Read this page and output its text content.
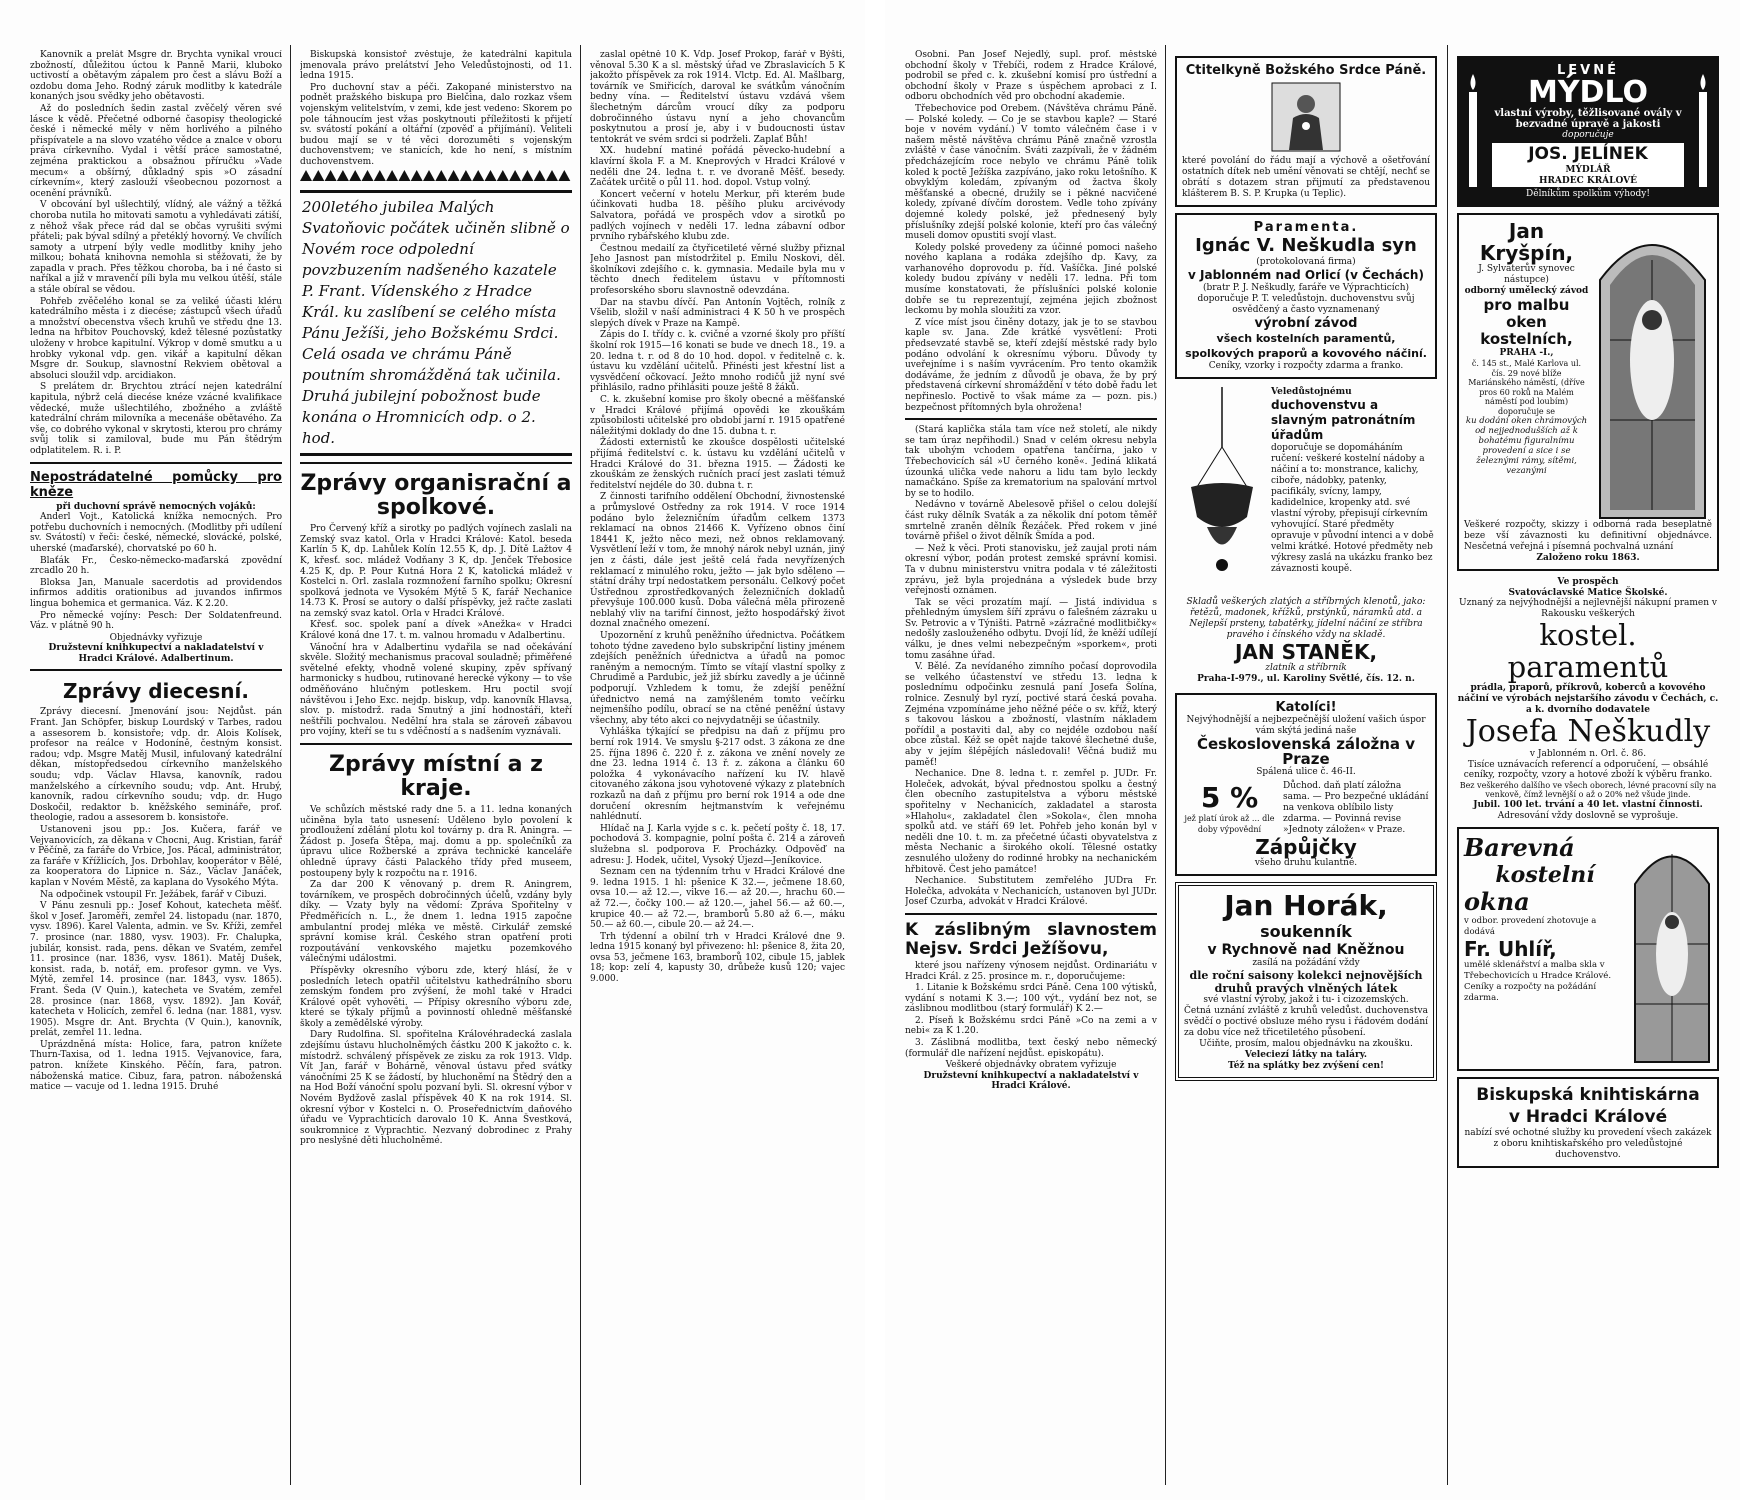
Kanovník a prelát Msgre dr. Brychta vynikal vroucí zbožností, důležitou úctou k Panně Marii, kluboko uctivostí a obětavým zápalem pro čest a slávu Boží a ozdobu doma Jeho. Rodný záruk modlitby k katedrále konaných jsou svědky jeho obětavosti.

Až do posledních šedin zastal zvěčelý věren své lásce k vědě. Přečetné odborné časopisy theologické české i německé měly v něm horlivého a pilného přispívatele a na slovo vzatého vědce a znalce v oboru práva církevního. Vydal i větší práce samostatné, zejména praktickou a obsažnou příručku »Vade mecum« a obšírný, důkladný spis »O zásadní církevním«, který zaslouží všeobecnou pozornost a ocenění právníků.

V obcování byl ušlechtilý, vlídný, ale vážný a těžká choroba nutila ho mitovati samotu a vyhledávati zátiší, z něhož však přece rád dal se občas vyrušiti svými přáteli; pak býval sdílný a přetéklý hovorný. Ve chvílích samoty a utrpení býly vedle modlitby knihy jeho milkou; bohatá knihovna nemohla si stěžovati, že by zapadla v prach. Přes těžkou choroba, ba i né často si naříkal a již v mravenčí píli byla mu velkou útěší, stále a stále obíral se vědou.

Pohřeb zvěčelého konal se za veliké účasti kléru katedrálního města i z diecése; zástupců všech úřadů a množství obecenstva všech kruhů ve středu dne 13. ledna na hřbitov Pouchovský, kdež tělesné pozůstatky uloženy v hrobce kapitulní. Výkrop v domě smutku a u hrobky vykonal vdp. gen. vikář a kapitulní děkan Msgre dr. Soukup, slavnostní Rekviem obětoval a absoluci sloužil vdp. arcidiakon.

S prelátem dr. Brychtou ztrácí nejen katedrální kapitula, nýbrž celá diecése knéze vzácné kvalifikace vědecké, muže ušlechtilého, zbožného a zvláště katedrální chrám milovníka a mecenáše obětavého. Za vše, co dobrého vykonal v skrytosti, kterou pro chrámy svůj tolik si zamiloval, bude mu Pán štědrým odplatitelem. R. i. P.

Nepostrádatelné pomůcky pro kněze
při duchovní správě nemocných vojáků:

Anderl Vojt., Katolická knížka nemocných. Pro potřebu duchovních i nemocných. (Modlitby při udílení sv. Svátostí) v řeči: české, německé, slovácké, polské, uherské (maďarské), chorvatské po 60 h.

Blaťák Fr., Česko-německo-maďarská zpovědní zrcadlo 20 h.

Bloksa Jan, Manuale sacerdotis ad providendos infirmos additis orationibus ad juvandos infirmos lingua bohemica et germanica. Váz. K 2.20.

Pro německé vojíny: Pesch: Der Soldatenfreund. Váz. v plátně 90 h.

Objednávky vyřizuje
Družstevní knihkupectví a nakladatelství v Hradci Králové. Adalbertinum.
Zprávy diecesní.

Zprávy diecesní. Jmenování jsou: Nejdůst. pán Frant. Jan Schöpfer, biskup Lourdský v Tarbes, radou a assesorem b. konsistoře; vdp. dr. Alois Kolísek, profesor na reálce v Hodoníně, čestným konsist. radou; vdp. Msgre Matěj Musil, infulovaný katedrální děkan, místopředsedou církevního manželského soudu; vdp. Václav Hlavsa, kanovník, radou manželského a církevního soudu; vdp. Ant. Hrubý, kanovník, radou církevního soudu; vdp. dr. Hugo Doskočil, redaktor b. kněžského semináře, prof. theologie, radou a assesorem b. konsistoře.

Ustanoveni jsou pp.: Jos. Kučera, farář ve Vejvanovicích, za děkana v Chocni, Aug. Kristian, farář v Pěčíně, za faráře do Vrbice, Jos. Pácal, administrátor, za faráře v Křížlicích, Jos. Drbohlav, kooperátor v Bělé, za kooperatora do Lipnice n. Sáz., Václav Janáček, kaplan v Novém Městě, za kaplana do Vysokého Mýta.

Na odpočinek vstoupil Fr. Ježábek, farář v Cibuzi.

V Pánu zesnuli pp.: Josef Kohout, katecheta měšť. škol v Josef. Jaroměři, zemřel 24. listopadu (nar. 1870, vysv. 1896). Karel Valenta, admin. ve Sv. Kříži, zemřel 7. prosince (nar. 1880, vysv. 1903). Fr. Chalupka, jubilár, konsist. rada, pens. děkan ve Svatém, zemřel 11. prosince (nar. 1836, vysv. 1861). Matěj Dušek, konsist. rada, b. notář, em. profesor gymn. ve Vys. Mýtě, zemřel 14. prosince (nar. 1843, vysv. 1865). Frant. Šeda (V Quin.), katecheta ve Svatém, zemřel 28. prosince (nar. 1868, vysv. 1892). Jan Kovář, katecheta v Holicích, zemřel 6. ledna (nar. 1881, vysv. 1905). Msgre dr. Ant. Brychta (V Quin.), kanovník, prelát, zemřel 11. ledna.

Uprázdněná místa: Holice, fara, patron knížete Thurn-Taxisa, od 1. ledna 1915. Vejvanovice, fara, patron. knížete Kinského. Pěčín, fara, patron. náboženská matice. Cibuz, fara, patron. náboženská matice — vacuje od 1. ledna 1915. Druhé

Biskupská konsistoř zvěstuje, že katedrální kapitula jmenovala právo prelátství Jeho Veledůstojnosti, od 11. ledna 1915.

Pro duchovní stav a péči. Zakopané ministerstvo na podnět pražského biskupa pro Bielčina, dalo rozkaz všem vojenským velitelstvím, v zemi, kde jest vedeno: Skorem po pole táhnoucím jest vžas poskytnouti příležitosti k přijetí sv. svátostí pokání a oltářní (zpověď a přijímání). Veliteli budou mají se v té věci dorozuměti s vojenským duchovenstvem; ve stanicích, kde ho není, s místním duchovenstvem.

200letého jubilea Malých Svatoňovic počátek učiněn slibně o Novém roce odpolední povzbuzením nadšeného kazatele P. Frant. Vídenského z Hradce Král. ku zaslíbení se celého místa Pánu Ježíši, jeho Božskému Srdci. Celá osada ve chrámu Páně poutním shromážděná tak učinila. Druhá jubilejní pobožnost bude konána o Hromnicích odp. o 2. hod.
Zprávy organisrační a spolkové.

Pro Červený kříž a sirotky po padlých vojínech zaslali na Zemský svaz katol. Orla v Hradci Králové: Katol. beseda Karlín 5 K, dp. Lahůlek Kolín 12.55 K, dp. J. Dítě Lažtov 4 K, křesť. soc. mládež Vodňany 3 K, dp. Jenček Třebosice 4.25 K, dp. P. Pour Kutná Hora 2 K, katolická mládež v Kostelci n. Orl. zaslala rozmnožení farního spolku; Okresní spolková jednota ve Vysokém Mýtě 5 K, farář Nechanice 14.73 K. Prosí se autory o další příspěvky, jež račte zaslati na zemský svaz katol. Orla v Hradci Králové.

Křesť. soc. spolek paní a dívek »Anežka« v Hradci Králové koná dne 17. t. m. valnou hromadu v Adalbertinu.

Vánoční hra v Adalbertinu vydařila se nad očekávání skvěle. Složitý mechanismus pracoval souladně; přiměřené světelné efekty, vhodně volené skupiny, zpěv spřívaný harmonicky s hudbou, rutinované herecké výkony — to vše odměňováno hlučným potleskem. Hru poctil svojí návštěvou i Jeho Exc. nejdp. biskup, vdp. kanovník Hlavsa, slov. p. místodrž. rada Smutný a jiní hodnostáři, kteří neštřili pochvalou. Nedělní hra stala se zároveň zábavou pro vojíny, kteří se tu s vděčností a s nadšením vyznávali.

Zprávy místní a z kraje.

Ve schůzích městské rady dne 5. a 11. ledna konaných učiněna byla tato usnesení: Uděleno bylo povolení k prodloužení zdělání plotu kol továrny p. dra R. Aningra. — Žádost p. Josefa Štěpa, maj. domu a pp. společníků za úpravu ulice Rožberské a zpráva technické kanceláře ohledně úpravy části Palackého třídy před museem, postoupeny byly k rozpočtu na r. 1916.

Za dar 200 K věnovaný p. drem R. Aningrem, továrníkem, ve prospěch dobročinných účelů, vzdány byly díky. — Vzaty byly na vědomí: Zpráva Spořitelny v Předměřicích n. L., že dnem 1. ledna 1915 započne ambulantní prodej mléka ve městě. Cirkulář zemské správní komise král. Českého stran opatření proti rozpoutávání venkovského majetku pozemkového válečnými událostmi.

Příspěvky okresního výboru zde, který hlásí, že v posledních letech opatřil učitelstvu kathedrálního sboru zemským fondem pro zvýšení, že mohl také v Hradci Králové opět vyhověti. — Přípisy okresního výboru zde, které se týkaly příjmů a povinností ohledně měšťanské školy a zemědělské výroby.

Dary Rudolfina. Sl. spořitelna Královéhradecká zaslala zdejšímu ústavu hlucholněmých částku 200 K jakožto c. k. místodrž. schválený příspěvek ze zisku za rok 1913. Vldp. Vít Jan, farář v Bohárně, věnoval ústavu před svátky vánočními 25 K se žádostí, by hluchoněmí na Štědrý den a na Hod Boží vánoční spolu pozvaní byli. Sl. okresní výbor v Novém Bydžově zaslal příspěvek 40 K na rok 1914. Sl. okresní výbor v Kostelci n. O. Proseřednictvím daňového úřadu ve Vyprachticích darovalo 10 K. Anna Švestková, soukromnice z Vyprachtic. Nezvaný dobrodinec z Prahy pro neslyšné děti hlucholněmé.

zaslal opětně 10 K. Vdp. Josef Prokop, farář v Býšti, věnoval 5.30 K a sl. městský úřad ve Zbraslavicích 5 K jakožto příspěvek za rok 1914. Vlctp. Ed. Al. Mašlbarg, továrník ve Smiřicích, daroval ke svátkům vánočním bedny vína. — Ředitelství ústavu vzdává všem šlechetným dárcům vroucí díky za podporu dobročinného ústavu nyní a jeho chovancům poskytnutou a prosí je, aby i v budoucnosti ústav tentokrát ve svém srdci si podrželi. Zaplať Bůh!

XX. hudební matiné pořádá pěvecko-hudební a klavírní škola F. a M. Kneprových v Hradci Králové v neděli dne 24. ledna t. r. ve dvoraně Měšť. besedy. Začátek určitě o půl 11. hod. dopol. Vstup volný.

Koncert večerní v hotelu Merkur, při kterém bude účinkovati hudba 18. pěšího pluku arcivévody Salvatora, pořádá ve prospěch vdov a sirotků po padlých vojínech v neděli 17. ledna zábavní odbor prvního rybářského klubu zde.

Čestnou medailí za čtyřicetileté věrné služby přiznal Jeho Jasnost pan místodržitel p. Emilu Noskovi, děl. školníkovi zdejšího c. k. gymnasia. Medaile byla mu v těchto dnech ředitelem ústavu v přítomnosti profesorského sboru slavnostně odevzdána.

Dar na stavbu dívčí. Pan Antonín Vojtěch, rolník z Všelib, složil v naší administraci 4 K 50 h ve prospěch slepých dívek v Praze na Kampě.

Zápis do I. třídy c. k. cvičné a vzorné školy pro příští školní rok 1915—16 konati se bude ve dnech 18., 19. a 20. ledna t. r. od 8 do 10 hod. dopol. v ředitelně c. k. ústavu ku vzdělání učitelů. Přinésti jest křestní list a vysvědčení očkovací. Ježto mnoho rodičů již nyní své přihlásilo, radno přihlásiti pouze ještě 8 žáků.

C. k. zkušební komise pro školy obecné a měšťanské v Hradci Králové přijímá opovědi ke zkouškám způsobilosti učitelské pro období jarní r. 1915 opatřené náležitými doklady do dne 15. dubna t. r.

Žádosti externistů ke zkoušce dospělosti učitelské přijímá ředitelství c. k. ústavu ku vzdělání učitelů v Hradci Králové do 31. března 1915. — Žádosti ke zkouškám ze ženských ručních prací jest zaslati témuž ředitelství nejdéle do 30. dubna t. r.

Z činnosti tarifního oddělení Obchodní, živnostenské a průmyslové Ostředny za rok 1914. V roce 1914 podáno bylo železničním úřadům celkem 1373 reklamací na obnos 21466 K. Vyřízeno obnos činí 18441 K, ježto něco mezi, než obnos reklamovaný. Vysvětlení leží v tom, že mnohý nárok nebyl uznán, jiný jen z části, dále jest ještě celá řada nevyřízených reklamací z minulého roku, ježto — jak bylo sděleno — státní dráhy trpí nedostatkem personálu. Celkový počet Ústřednou zprostředkovaných železničních dokladů převyšuje 100.000 kusů. Doba válečná měla přirozeně neblahý vliv na tarifní činnost, ježto hospodářský život doznal značného omezení.

Upozornění z kruhů peněžního úřednictva. Počátkem tohoto týdne zavedeno bylo subskripční listiny jménem zdejších peněžních úřednictva a úřadů na pomoc raněným a nemocným. Tímto se vítají vlastní spolky z Chrudimě a Pardubic, jež již sbírku zavedly a je účinně podporují. Vzhledem k tomu, že zdejší peněžní úřednictvo nemá na zamýšleném tomto večírku nejmenšího podílu, obrací se na ctěné peněžní ústavy všechny, aby této akci co nejvydatněji se účastnily.

Vyhláška týkající se předpisu na daň z příjmu pro berní rok 1914. Ve smyslu §-217 odst. 3 zákona ze dne 25. října 1896 č. 220 ř. z. zákona ve znění novely ze dne 23. ledna 1914 č. 13 ř. z. zákona a článku 60 položka 4 vykonávacího nařízení ku IV. hlavě citovaného zákona jsou vyhotovené výkazy z platebních rozkazů na daň z příjmu pro berní rok 1914 a ode dne doručení okresním hejtmanstvím k veřejnému nahlédnutí.

Hlídač na J. Karla vyjde s c. k. pečetí pošty č. 18, 17. pochodová 3. kompagnie, polní pošta č. 214 a zároveň služebna sl. podporova F. Procházky. Odpověď na adresu: J. Hodek, učitel, Vysoký Újezd—Jeníkovice.

Seznam cen na týdenním trhu v Hradci Králové dne 9. ledna 1915. 1 hl: pšenice K 32.—, ječmene 18.60, ovsa 10.— až 12.—, vikve 16.— až 20.—, hrachu 60.— až 72.—, čočky 100.— až 120.—, jahel 56.— až 60.—, krupice 40.— až 72.—, bramborů 5.80 až 6.—, máku 50.— až 60.—, cibule 20.— až 24.—.

Trh týdenní a obilní trh v Hradci Králové dne 9. ledna 1915 konaný byl přivezeno: hl: pšenice 8, žita 20, ovsa 53, ječmene 163, bramborů 102, cibule 15, jablek 18; kop: zelí 4, kapusty 30, drůbeže kusů 120; vajec 9.000.

Osobní. Pan Josef Nejedlý, supl. prof. městské obchodní školy v Třebíči, rodem z Hradce Králové, podrobil se před c. k. zkušební komisí pro ústřední a obchodní školy v Praze s úspěchem aprobaci z I. odboru obchodních věd pro obchodní akademie.

Třebechovice pod Orebem. (Návštěva chrámu Páně. — Polské koledy. — Co je se stavbou kaple? — Staré boje v novém vydání.) V tomto válečném čase i v našem městě návštěva chrámu Páně značně vzrostla zvláště v čase vánočním. Sváti zazpívali, že v žádném předcházejícím roce nebylo ve chrámu Páně tolik koled k poctě Ježíška zazpíváno, jako roku letošního. K obvyklým koledám, zpívaným od žactva školy měšťanské a obecné, družily se i pěkné nacvičené koledy, zpívané dívčím dorostem. Vedle toho zpívány dojemné koledy polské, jež přednesený byly příslušníky zdejší polské kolonie, kteří pro čas válečný museli domov opustiti svojí vlast.

Koledy polské provedeny za účinné pomoci našeho nového kaplana a rodáka zdejšího dp. Kavy, za varhanového doprovodu p. říd. Vašíčka. Jiné polské koledy budou zpívány v neděli 17. ledna. Při tom musíme konstatovati, že příslušníci polské kolonie dobře se tu reprezentují, zejména jejich zbožnost leckomu by mohla sloužiti za vzor.

Z více míst jsou činěny dotazy, jak je to se stavbou kaple sv. Jana. Zde krátké vysvětlení: Proti předsevzaté stavbě se, kteří zdejší městské rady bylo podáno odvolání k okresnímu výboru. Důvody ty uveřejníme i s naším vyvrácením. Pro tento okamžik dodáváme, že jedním z důvodů je obava, že by prý představená církevní shromáždění v této době řadu let nepřineslo. Poctivě to však máme za — pozn. pis.) bezpečnost přítomných byla ohrožena!

(Stará kaplička stála tam více než století, ale nikdy se tam úraz nepřihodil.) Snad v celém okresu nebyla tak ubohým vchodem opatřena tančírna, jako v Třebechovicích sál »U černého koně«. Jediná klikatá úzounká ulička vede nahoru a lidu tam bylo leckdy namačkáno. Spíše za krematorium na spalování mrtvol by se to hodilo.

Nedávno v továrně Abelesově přišel o celou dolejší část ruky dělník Svaták a za několik dní potom těměř smrtelně zraněn dělník Řezáček. Před rokem v jiné továrně přišel o život dělník Šmída a pod.

— Než k věci. Proti stanovisku, jež zaujal proti nám okresní výbor, podán protest zemské správní komisi. Ta v dubnu ministerstvu vnitra podala v té záležitosti zprávu, jež byla projednána a výsledek bude brzy veřejnosti oznámen.

Tak se věci prozatím mají. — Jistá individua s přehledným úmyslem šíří zprávu o falešném zázraku u Sv. Petrovic a v Týništi. Patrně »zázračné modlitbičky« nedošly zaslouženého odbytu. Dvojí líd, že kněží udílejí válku, je dnes velmi nebezpečným »sporkem«, proti tomu zasáhne úřad.

V. Bělé. Za nevídaného zimního počasí doprovodila se velkého účastenství ve středu 13. ledna k poslednímu odpočinku zesnulá paní Josefa Šolína, rolnice. Zesnulý byl ryzí, poctivé stará česká povaha. Zejména vzpomínáme jeho něžné péče o sv. kříž, který s takovou láskou a zbožností, vlastním nákladem pořídil a postaviti dal, aby co nejdéle ozdobou naší obce zůstal. Kéž se opět najde takové šlechetné duše, aby v jejím šlépějích následovali! Věčná budiž mu paměť!

Nechanice. Dne 8. ledna t. r. zemřel p. JUDr. Fr. Holeček, advokát, býval přednostou spolku a čestný člen obecního zastupitelstva a výboru městské spořitelny v Nechanicích, zakladatel a starosta »Hlaholu«, zakladatel člen »Sokola«, člen mnoha spolků atd. ve stáří 69 let. Pohřeb jeho konán byl v neděli dne 10. t. m. za přečetné účasti obyvatelstva z města Nechanic a širokého okolí. Tělesné ostatky zesnulého uloženy do rodinné hrobky na nechanickém hřbitově. Čest jeho památce!

Nechanice. Substitutem zemřelého JUDra Fr. Holečka, advokáta v Nechanicích, ustanoven byl JUDr. Josef Czurba, advokát v Hradci Králové.

K záslibným slavnostem Nejsv. Srdci Ježíšovu,

které jsou nařízeny výnosem nejdůst. Ordinariátu v Hradci Král. z 25. prosince m. r., doporučujeme:

1. Litanie k Božskému srdci Páně. Cena 100 výtisků, vydání s notami K 3.—; 100 výt., vydání bez not, se záslibnou modlitbou (starý formulář) K 2.—

2. Píseň k Božskému srdci Páně »Co na zemi a v nebi« za K 1.20.

3. Záslibná modlitba, text český nebo německý (formulář dle nařízení nejdůst. episkopátu).

Veškeré objednávky obratem vyřizuje
Družstevní knihkupectví a nakladatelství v Hradci Králové.
Ctitelkyně Božského Srdce Páně.
které povolání do řádu mají a výchově a ošetřování ostatních dítek neb umění věnovati se chtějí, nechť se obrátí s dotazem stran přijmutí za představenou klášterem B. S. P. Krupka (u Teplic).
Paramenta.
Ignác V. Neškudla syn
(protokolovaná firma)
v Jablonném nad Orlicí (v Čechách)
(bratr P. J. Neškudly, faráře ve Výprachticích) doporučuje P. T. veledůstojn. duchovenstvu svůj osvědčený a často vyznamenaný
výrobní závod
všech kostelních paramentů, spolkových praporů a kovového náčiní.
Ceníky, vzorky i rozpočty zdarma a franko.
Veledůstojnému
duchovenstvu a slavným patronátním úřadům
doporučuje se dopomáháním ručení: veškeré kostelní nádoby a náčiní a to: monstrance, kalichy, ciboře, nádobky, patenky, pacifikály, svícny, lampy, kadidelnice, kropenky atd. své vlastní výroby, přepisují církevním vyhovující. Staré předměty opravuje v původní intenci a v době velmi krátké. Hotové předměty neb výkresy zaslá na ukázku franko bez závaznosti koupě.
Skladů veškerých zlatých a stříbrných klenotů, jako: řetězů, madonek, křížků, prstýnků, náramků atd. a Nejlepší prsteny, tabatěrky, jídelní náčiní ze stříbra pravého i čínského vždy na skladě.
JAN STANĚK,
zlatník a stříbrník
Praha-I-979., ul. Karoliny Světlé, čís. 12. n.
Katolíci!
Nejvýhodnější a nejbezpečnější uložení vašich úspor vám skýtá jediná naše
Československá záložna v Praze
Spálená ulice č. 46-II.
5 %
jež platí úrok až ... dle doby výpovědní
Důchod. daň platí záložna sama. — Pro bezpečné ukládání na venkova oblíbilo listy zdarma. — Povinná revise »Jednoty záložen« v Praze.
Zápůjčky
všeho druhu kulantně.
Jan Horák,
soukenník
v Rychnově nad Kněžnou
zasílá na požádání vždy
dle roční saisony kolekci nejnovějších druhů pravých vlněných látek
své vlastní výroby, jakož i tu- i cizozemských.
Četná uznání zvláště z kruhů veledůst. duchovenstva svědčí o poctivé obsluze mého rysu i řádovém dodání za dobu více než třicetiletého působení.
Učiňte, prosím, malou objednávku na zkoušku.
Veleciezí látky na taláry.
Též na splátky bez zvýšení cen!
LEVNÉ
MÝDLO
vlastní výroby, těžlisované ovály v bezvadné úpravě a jakosti
doporučuje
JOS. JELÍNEK
MÝDLÁŘ
HRADEC KRÁLOVÉ
Dělníkům spolkům výhody!
Jan Kryšpín,
J. Sylvaterův synovec nástupce)
odborný umělecký závod
pro malbu oken kostelních,
PRAHA -I.,
č. 145 st., Malé Karlova ul. čís. 29 nové blíže Mariánského náměstí, (dříve pros 60 roků na Malém náměstí pod loubím) doporučuje se
ku dodání oken chrámových od nejjednodušších až k bohatému figuralnímu provedení a sice i se železnými rámy, sítěmi, vezanými
Veškeré rozpočty, skizzy i odborná rada beseplatně beze vší závaznosti ku definitivní objednávce. Nesčetná veřejná i písemná pochvalná uznání
Založeno roku 1863.
Ve prospěch
Svatováclavské Matice Školské.
Uznaný za nejvýhodnější a nejlevnější nákupní pramen v Rakousku veškerých
kostel. paramentů
prádla, praporů, příkrovů, koberců a kovového náčiní ve výrobách nejstaršího závodu v Čechách, c. a k. dvorního dodavatele
Josefa Neškudly
v Jablonném n. Orl. č. 86.
Tisíce uznávacích referencí a odporučení, — obsáhlé ceníky, rozpočty, vzory a hotové zboží k výběru franko.
Bez veškerého dalšího ve všech oborech, lévné pracovní síly na venkově, čímž levnější o až o 20% než všude jinde.
Jubil. 100 let. trvání a 40 let. vlastní činnosti.
Adresování vždy doslovně se vyprošuje.
Barevná
kostelní
okna
v odbor. provedení zhotovuje a dodává
Fr. Uhlíř,
umělé sklenářství a malba skla v Třebechovicích u Hradce Králové.
Ceníky a rozpočty na požádání zdarma.
Biskupská knihtiskárna
v Hradci Králové
nabízí své ochotné služby ku provedení všech zakázek z oboru knihtiskařského pro veledůstojné duchovenstvo.
